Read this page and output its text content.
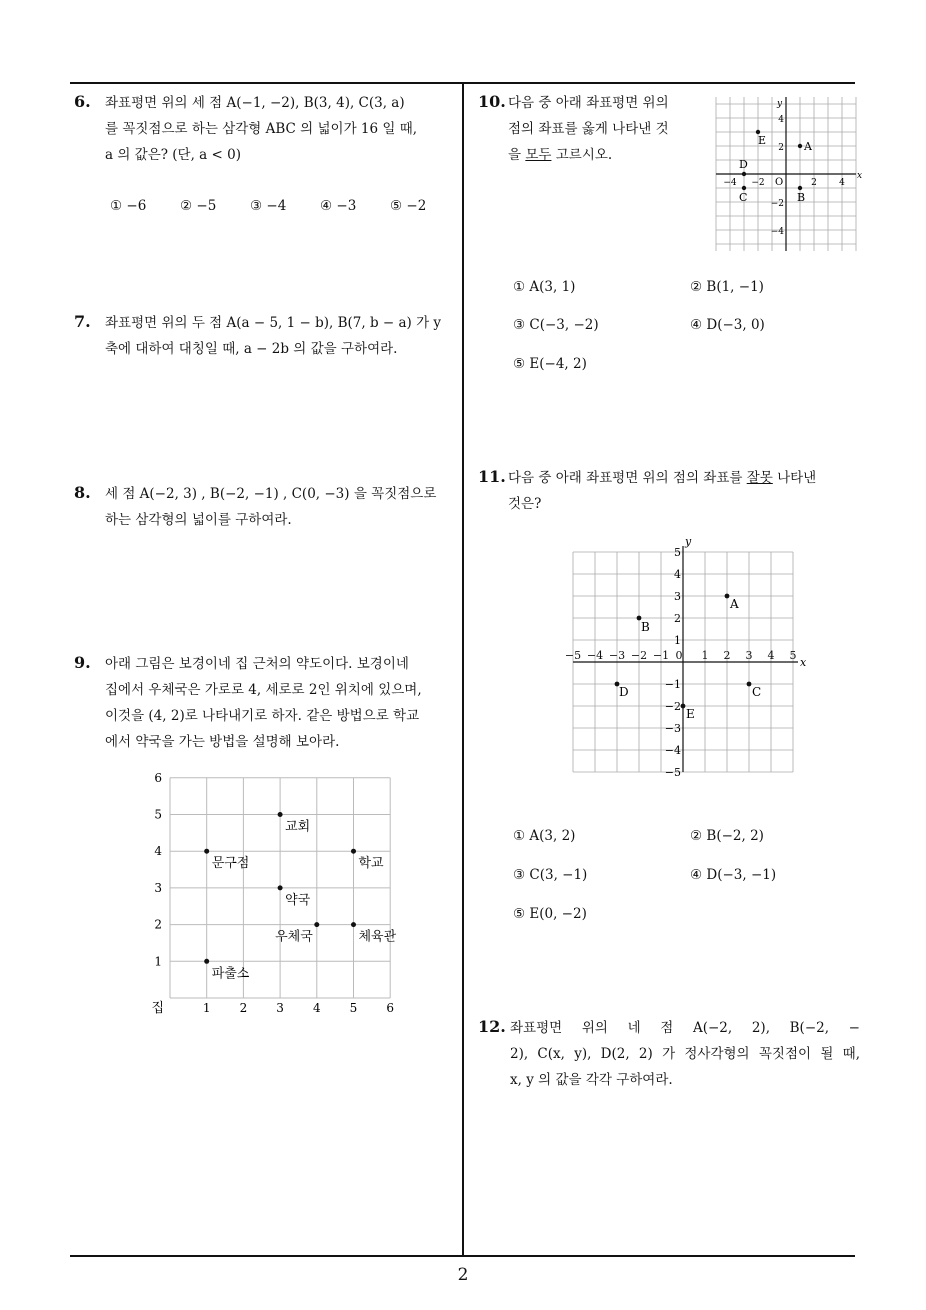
2
6. 좌표평면 위의 세 점 A(−1, −2), B(3, 4), C(3, a)
를 꼭짓점으로 하는 삼각형 ABC 의 넓이가 16 일 때,
a 의 값은? (단, a < 0)
① −6	② −5	③ −4	④ −3	⑤ −2
7. 좌표평면 위의 두 점 A(a − 5, 1 − b), B(7, b − a) 가 y
축에 대하여 대칭일 때, a − 2b 의 값을 구하여라.
8. 세 점 A(−2, 3) , B(−2, −1) , C(0, −3) 을 꼭짓점으로
하는 삼각형의 넓이를 구하여라.
9. 아래 그림은 보경이네 집 근처의 약도이다. 보경이네
집에서 우체국은 가로로 4, 세로로 2인 위치에 있으며,
이것을 (4, 2)로 나타내기로 하자. 같은 방법으로 학교
에서 약국을 가는 방법을 설명해 보아라.
집	1 2 3 4 5 6
1
2
3
4
5
6
교회
문구점	학교
약국
우체국	체육관
파출소
10. 다음 중 아래 좌표평면 위의
점의 좌표를 옳게 나타낸 것
을 모두 고르시오.
x
y
O
−4 −2	2 4
4
2
−2
−4
A
B
C
D
E
① A(3, 1)	② B(1, −1)
③ C(−3, −2)	④ D(−3, 0)
⑤ E(−4, 2)
11. 다음 중 아래 좌표평면 위의 점의 좌표를 잘못 나타낸
것은?
x
y
−5 −4 −3 −2 −1 0 1 2 3 4 5
5
4
3
2
1
−1
−2
−3
−4
−5
A
B
C
D
E
① A(3, 2)	② B(−2, 2)
③ C(3, −1)	④ D(−3, −1)
⑤ E(0, −2)
12. 좌표평면 위의 네 점 A(−2, 2), B(−2, −
2), C(x, y), D(2, 2) 가 정사각형의 꼭짓점이 될 때,
x, y 의 값을 각각 구하여라.
